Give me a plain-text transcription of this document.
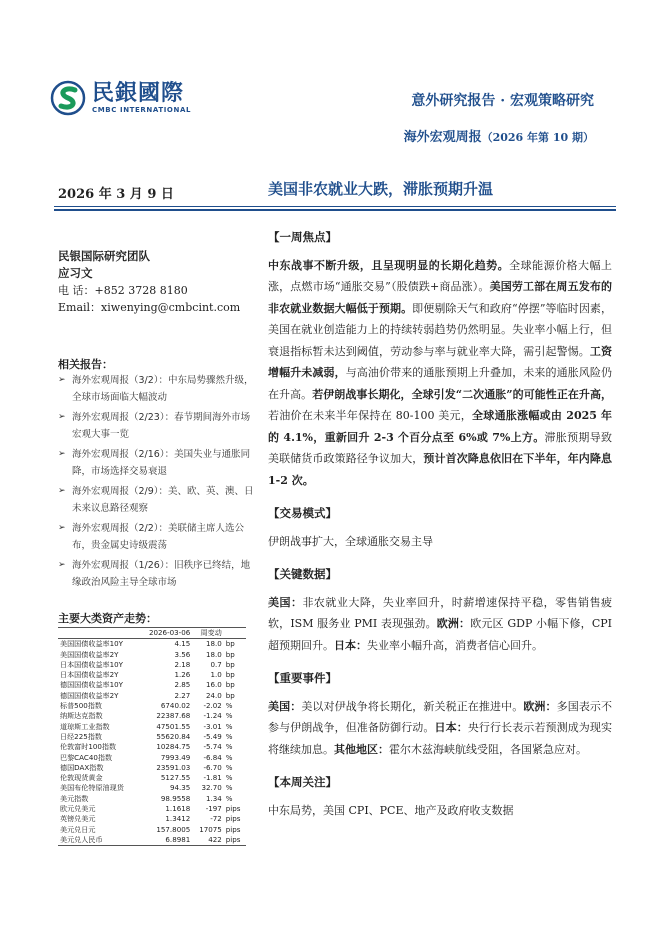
民銀國際
CMBC INTERNATIONAL
意外研究报告 · 宏观策略研究
海外宏观周报（2026 年第 10 期）
2026 年 3 月 9 日	美国非农就业大跌，滞胀预期升温
民银国际研究团队
应习文
电 话：+852 3728 8180
Email：xiwenying@cmbcint.com
相关报告：
➢ 海外宏观周报（3/2）：中东局势骤然升级，全球市场面临大幅波动
➢ 海外宏观周报（2/23）：春节期间海外市场宏观大事一览
➢ 海外宏观周报（2/16）：美国失业与通胀同降，市场选择交易衰退
➢ 海外宏观周报（2/9）：美、欧、英、澳、日未来议息路径观察
➢ 海外宏观周报（2/2）：美联储主席人选公布，贵金属史诗级震荡
➢ 海外宏观周报（1/26）：旧秩序已终结，地缘政治风险主导全球市场
主要大类资产走势：
	2026-03-06	周变动	
美国国债收益率10Y	4.15	18.0	bp
美国国债收益率2Y	3.56	18.0	bp
日本国债收益率10Y	2.18	0.7	bp
日本国债收益率2Y	1.26	1.0	bp
德国国债收益率10Y	2.85	16.0	bp
德国国债收益率2Y	2.27	24.0	bp
标普500指数	6740.02	-2.02	%
纳斯达克指数	22387.68	-1.24	%
道琼斯工业指数	47501.55	-3.01	%
日经225指数	55620.84	-5.49	%
伦敦富时100指数	10284.75	-5.74	%
巴黎CAC40指数	7993.49	-6.84	%
德国DAX指数	23591.03	-6.70	%
伦敦现货黄金	5127.55	-1.81	%
美国布伦特原油现货	94.35	32.70	%
美元指数	98.9558	1.34	%
欧元兑美元	1.1618	-197	pips
英镑兑美元	1.3412	-72	pips
美元兑日元	157.8005	17075	pips
美元兑人民币	6.8981	422	pips
【一周焦点】
中东战事不断升级，且呈现明显的长期化趋势。全球能源价格大幅上涨，点燃市场“通胀交易”（股债跌+商品涨）。美国劳工部在周五发布的非农就业数据大幅低于预期。即便剔除天气和政府“停摆”等临时因素，美国在就业创造能力上的持续转弱趋势仍然明显。失业率小幅上行，但衰退指标暂未达到阈值，劳动参与率与就业率大降，需引起警惕。工资增幅升未减弱，与高油价带来的通胀预期上升叠加，未来的通胀风险仍在升高。若伊朗战事长期化，全球引发“二次通胀”的可能性正在升高，若油价在未来半年保持在 80-100 美元，全球通胀涨幅或由 2025 年的 4.1%，重新回升 2-3 个百分点至 6%或 7%上方。滞胀预期导致美联储货币政策路径争议加大，预计首次降息依旧在下半年，年内降息 1-2 次。
【交易模式】
伊朗战事扩大，全球通胀交易主导
【关键数据】
美国：非农就业大降，失业率回升，时薪增速保持平稳，零售销售疲软，ISM 服务业 PMI 表现强劲。欧洲：欧元区 GDP 小幅下修，CPI 超预期回升。日本：失业率小幅升高，消费者信心回升。
【重要事件】
美国：美以对伊战争将长期化，新关税正在推进中。欧洲：多国表示不参与伊朗战争，但准备防御行动。日本：央行行长表示若预测成为现实将继续加息。其他地区：霍尔木兹海峡航线受阻，各国紧急应对。
【本周关注】
中东局势，美国 CPI、PCE、地产及政府收支数据
